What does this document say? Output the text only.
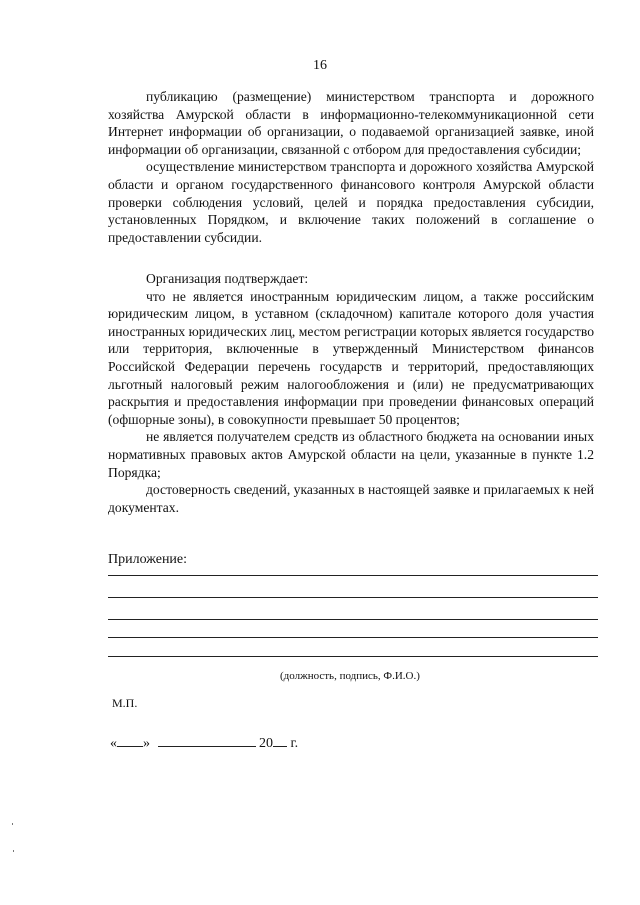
16

публикацию (размещение) министерством транспорта и дорожного хозяйства Амурской области в информационно-телекоммуникационной сети Интернет информации об организации, о подаваемой организацией заявке, иной информации об организации, связанной с отбором для предоставления субсидии;

осуществление министерством транспорта и дорожного хозяйства Амурской области и органом государственного финансового контроля Амурской области проверки соблюдения условий, целей и порядка предоставления субсидии, установленных Порядком, и включение таких положений в соглашение о предоставлении субсидии.

Организация подтверждает:

что не является иностранным юридическим лицом, а также российским юридическим лицом, в уставном (складочном) капитале которого доля участия иностранных юридических лиц, местом регистрации которых является государство или территория, включенные в утвержденный Министерством финансов Российской Федерации перечень государств и территорий, предоставляющих льготный налоговый режим налогообложения и (или) не предусматривающих раскрытия и предоставления информации при проведении финансовых операций (офшорные зоны), в совокупности превышает 50 процентов;

не является получателем средств из областного бюджета на основании иных нормативных правовых актов Амурской области на цели, указанные в пункте 1.2 Порядка;

достоверность сведений, указанных в настоящей заявке и прилагаемых к ней документах.

Приложение:
(должность, подпись, Ф.И.О.)
М.П.
« »	20 г.
